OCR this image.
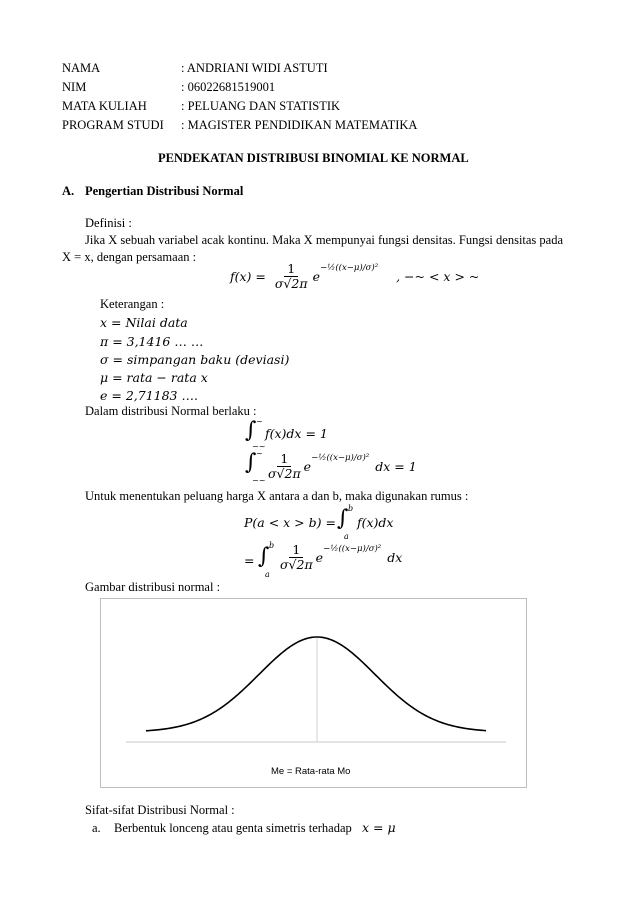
NAMA	: ANDRIANI WIDI ASTUTI
NIM	: 06022681519001
MATA KULIAH	: PELUANG DAN STATISTIK
PROGRAM STUDI : MAGISTER PENDIDIKAN MATEMATIKA
PENDEKATAN DISTRIBUSI BINOMIAL KE NORMAL
A. Pengertian Distribusi Normal
Definisi :
Jika X sebuah variabel acak kontinu. Maka X mempunyai fungsi densitas. Fungsi densitas pada
X = x, dengan persamaan :
$f(x) = \frac{1}{\sigma√2\pi}$ e
−½((x−μ)/σ)²
, −~ < x > ~
Keterangan :
x = Nilai data
π = 3,1416 … …
σ = simpangan baku (deviasi)
μ = rata − rata x
e = 2,71183 ….
Dalam distribusi Normal berlaku :
∫ ~
−~
f(x)dx = 1
∫ ~
−~ $\frac{1}{\sigma√2\pi}$ e
−½((x−μ)/σ)²
dx = 1
Untuk menentukan peluang harga X antara a dan b, maka digunakan rumus :
P(a < x > b) = ∫ b
a
f(x)dx
= ∫ b
a
$\frac{1}{\sigma√2\pi}$ e
−½((x−μ)/σ)²
dx
Gambar distribusi normal :
Me = Rata-rata Mo
Sifat-sifat Distribusi Normal :
a. Berbentuk lonceng atau genta simetris terhadap x = μ
